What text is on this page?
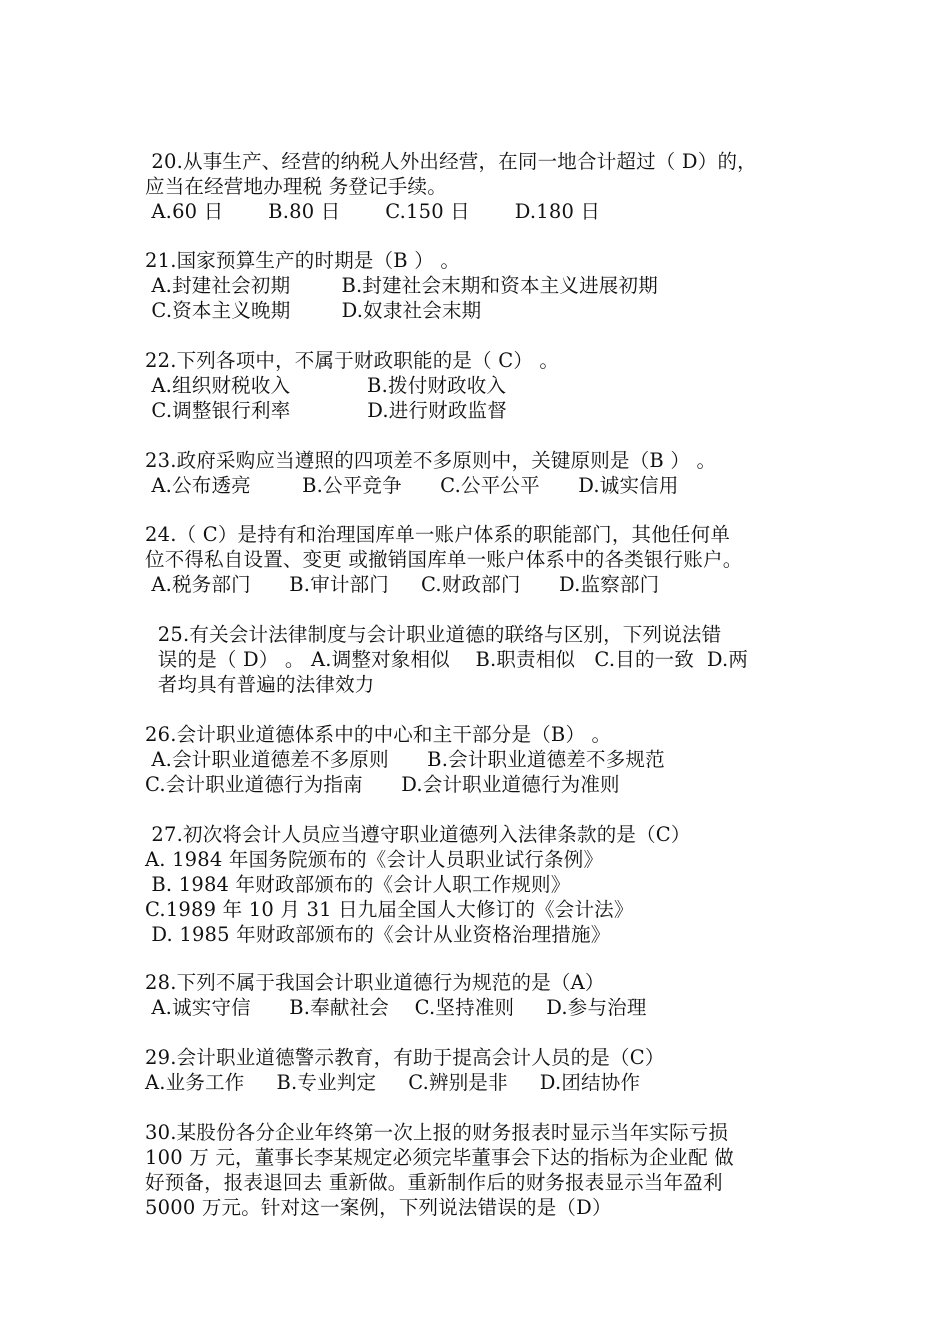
20.从事生产、经营的纳税人外出经营，在同一地合计超过（ D）的，
应当在经营地办理税 务登记手续。
A.60 日       B.80 日       C.150 日       D.180 日
21.国家预算生产的时期是（B ） 。
A.封建社会初期        B.封建社会末期和资本主义进展初期
C.资本主义晚期        D.奴隶社会末期
22.下列各项中，不属于财政职能的是（ C） 。
A.组织财税收入            B.拨付财政收入
C.调整银行利率            D.进行财政监督
23.政府采购应当遵照的四项差不多原则中，关键原则是（B ） 。
A.公布透亮        B.公平竞争      C.公平公平      D.诚实信用
24.（ C）是持有和治理国库单一账户体系的职能部门，其他任何单
位不得私自设置、变更 或撤销国库单一账户体系中的各类银行账户。
A.税务部门      B.审计部门     C.财政部门      D.监察部门
25.有关会计法律制度与会计职业道德的联络与区别，下列说法错
误的是（ D） 。 A.调整对象相似    B.职责相似   C.目的一致  D.两
者均具有普遍的法律效力
26.会计职业道德体系中的中心和主干部分是（B） 。
A.会计职业道德差不多原则      B.会计职业道德差不多规范
C.会计职业道德行为指南      D.会计职业道德行为准则
27.初次将会计人员应当遵守职业道德列入法律条款的是（C）
A. 1984 年国务院颁布的《会计人员职业试行条例》
B. 1984 年财政部颁布的《会计人职工作规则》
C.1989 年 10 月 31 日九届全国人大修订的《会计法》
D. 1985 年财政部颁布的《会计从业资格治理措施》
28.下列不属于我国会计职业道德行为规范的是（A）
A.诚实守信      B.奉献社会    C.坚持准则     D.参与治理
29.会计职业道德警示教育，有助于提高会计人员的是（C）
A.业务工作     B.专业判定     C.辨别是非     D.团结协作
30.某股份各分企业年终第一次上报的财务报表时显示当年实际亏损
100 万 元，董事长李某规定必须完毕董事会下达的指标为企业配 做
好预备，报表退回去 重新做。重新制作后的财务报表显示当年盈利
5000 万元。针对这一案例，下列说法错误的是（D）
